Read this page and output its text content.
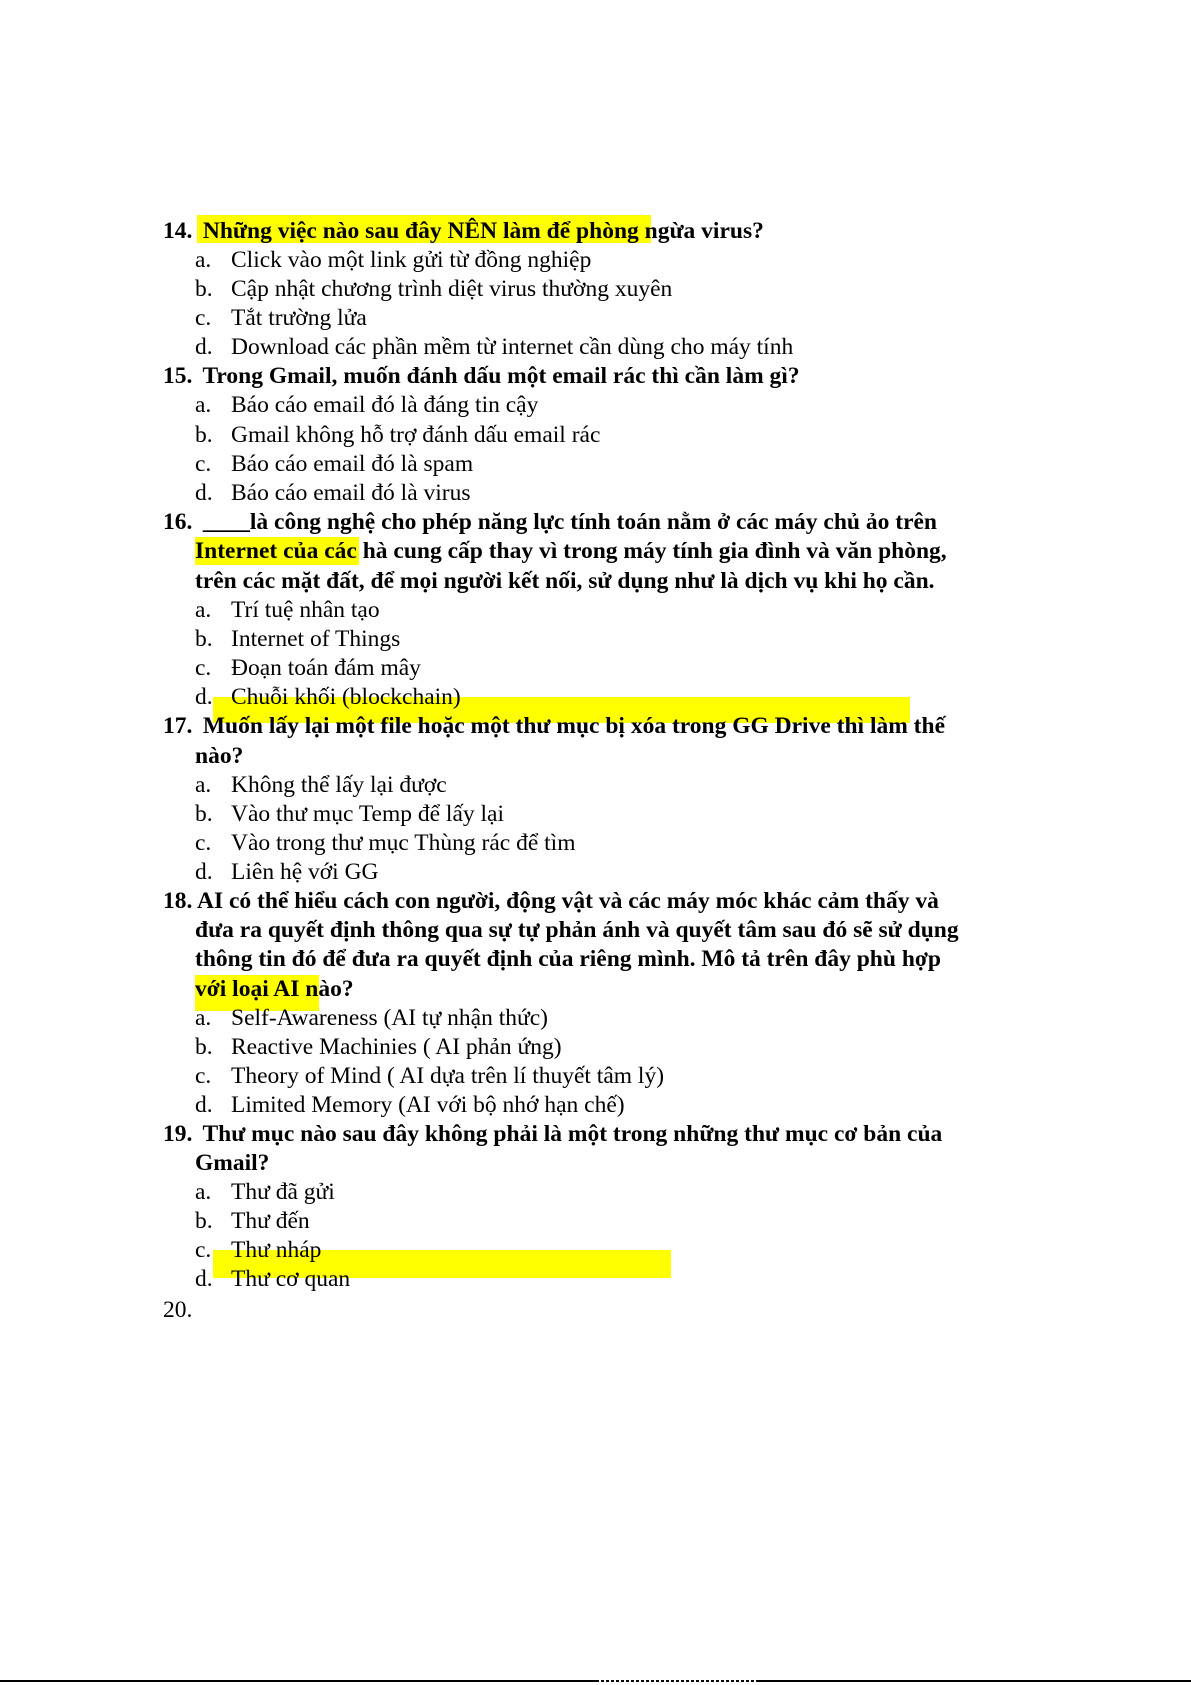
14. Những việc nào sau đây NÊN làm để phòng ngừa virus?
a. Click vào một link gửi từ đồng nghiệp
b. Cập nhật chương trình diệt virus thường xuyên
c. Tắt trường lửa
d. Download các phần mềm từ internet cần dùng cho máy tính
15. Trong Gmail, muốn đánh dấu một email rác thì cần làm gì?
a. Báo cáo email đó là đáng tin cậy
b. Gmail không hỗ trợ đánh dấu email rác
c. Báo cáo email đó là spam
d. Báo cáo email đó là virus
16. ____là công nghệ cho phép năng lực tính toán nằm ở các máy chủ ảo trên
Internet của các hà cung cấp thay vì trong máy tính gia đình và văn phòng,
trên các mặt đất, để mọi người kết nối, sử dụng như là dịch vụ khi họ cần.
a. Trí tuệ nhân tạo
b. Internet of Things
c. Đoạn toán đám mây
d. Chuỗi khối (blockchain)
17. Muốn lấy lại một file hoặc một thư mục bị xóa trong GG Drive thì làm thế
nào?
a. Không thể lấy lại được
b. Vào thư mục Temp để lấy lại
c. Vào trong thư mục Thùng rác để tìm
d. Liên hệ với GG
18. AI có thể hiểu cách con người, động vật và các máy móc khác cảm thấy và
đưa ra quyết định thông qua sự tự phản ánh và quyết tâm sau đó sẽ sử dụng
thông tin đó để đưa ra quyết định của riêng mình. Mô tả trên đây phù hợp
với loại AI nào?
a. Self-Awareness (AI tự nhận thức)
b. Reactive Machinies ( AI phản ứng)
c. Theory of Mind ( AI dựa trên lí thuyết tâm lý)
d. Limited Memory (AI với bộ nhớ hạn chế)
19. Thư mục nào sau đây không phải là một trong những thư mục cơ bản của
Gmail?
a. Thư đã gửi
b. Thư đến
c. Thư nháp
d. Thư cơ quan
20.
